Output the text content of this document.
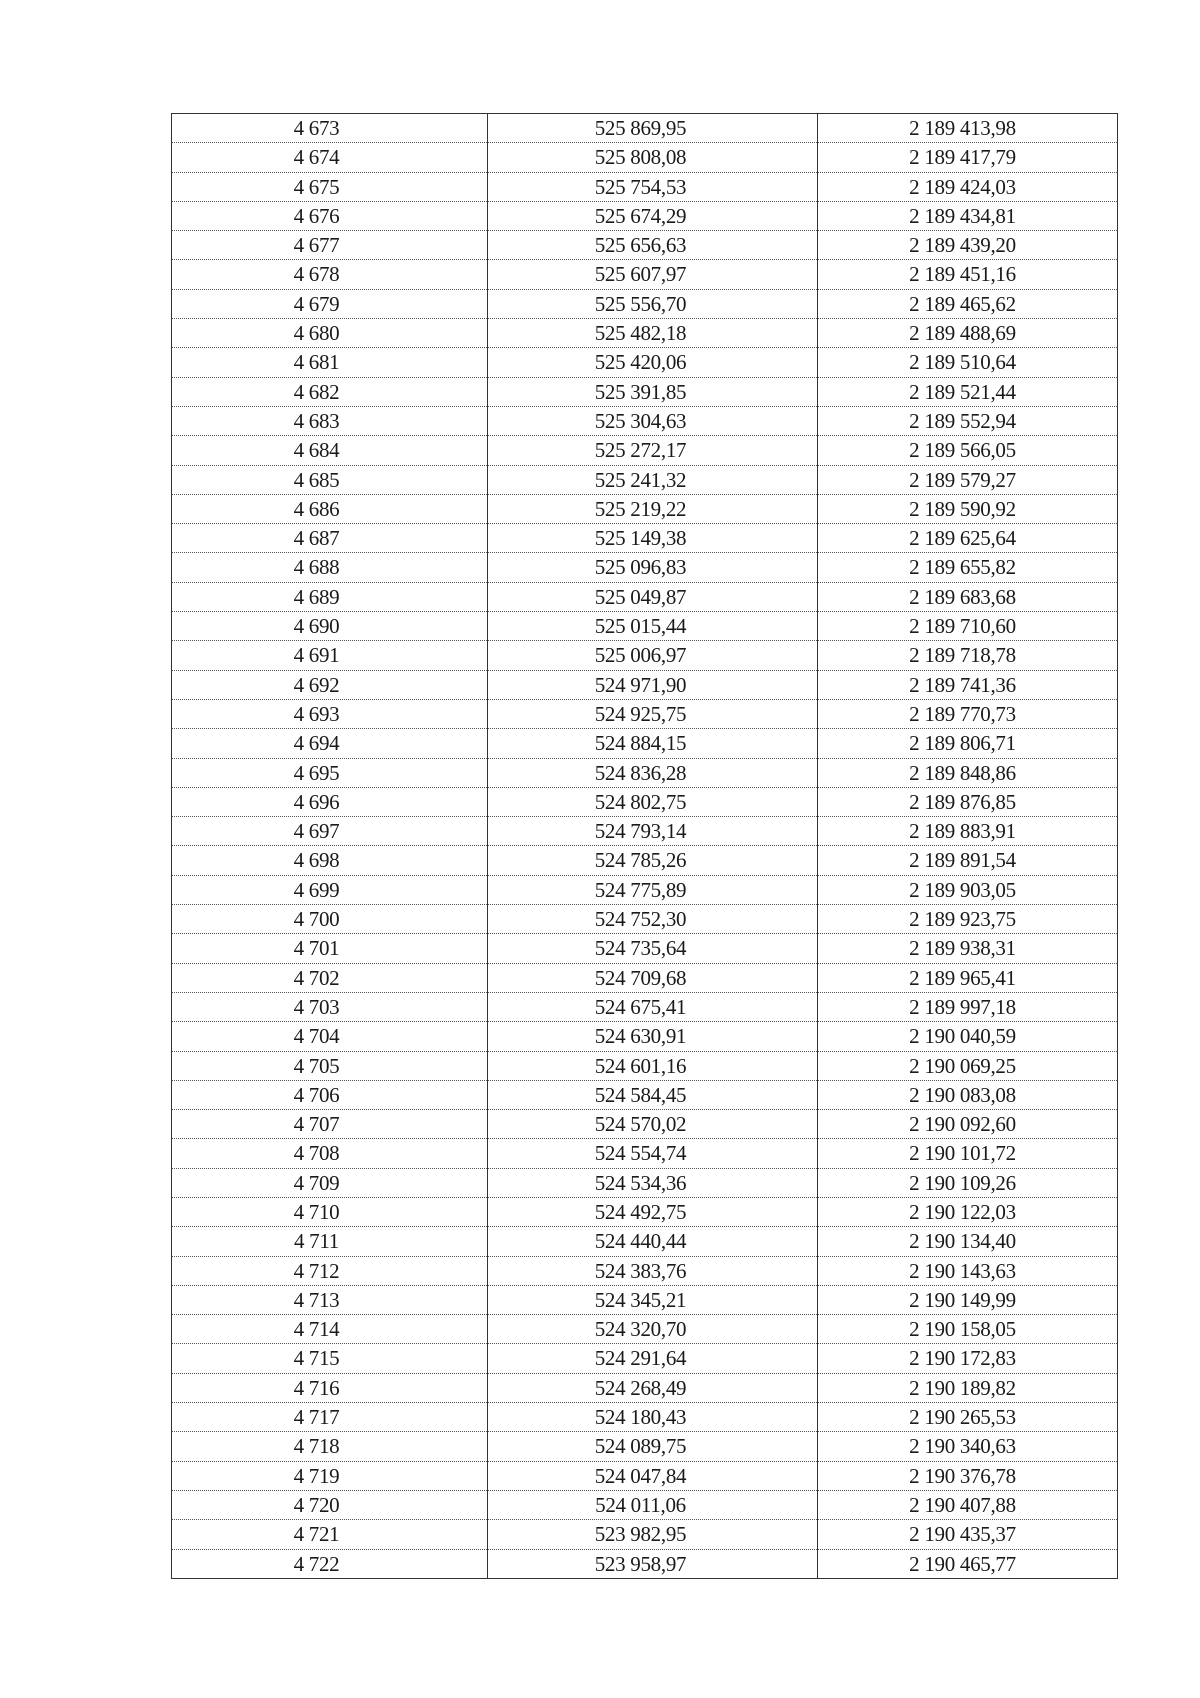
4 673	525 869,95	2 189 413,98
4 674	525 808,08	2 189 417,79
4 675	525 754,53	2 189 424,03
4 676	525 674,29	2 189 434,81
4 677	525 656,63	2 189 439,20
4 678	525 607,97	2 189 451,16
4 679	525 556,70	2 189 465,62
4 680	525 482,18	2 189 488,69
4 681	525 420,06	2 189 510,64
4 682	525 391,85	2 189 521,44
4 683	525 304,63	2 189 552,94
4 684	525 272,17	2 189 566,05
4 685	525 241,32	2 189 579,27
4 686	525 219,22	2 189 590,92
4 687	525 149,38	2 189 625,64
4 688	525 096,83	2 189 655,82
4 689	525 049,87	2 189 683,68
4 690	525 015,44	2 189 710,60
4 691	525 006,97	2 189 718,78
4 692	524 971,90	2 189 741,36
4 693	524 925,75	2 189 770,73
4 694	524 884,15	2 189 806,71
4 695	524 836,28	2 189 848,86
4 696	524 802,75	2 189 876,85
4 697	524 793,14	2 189 883,91
4 698	524 785,26	2 189 891,54
4 699	524 775,89	2 189 903,05
4 700	524 752,30	2 189 923,75
4 701	524 735,64	2 189 938,31
4 702	524 709,68	2 189 965,41
4 703	524 675,41	2 189 997,18
4 704	524 630,91	2 190 040,59
4 705	524 601,16	2 190 069,25
4 706	524 584,45	2 190 083,08
4 707	524 570,02	2 190 092,60
4 708	524 554,74	2 190 101,72
4 709	524 534,36	2 190 109,26
4 710	524 492,75	2 190 122,03
4 711	524 440,44	2 190 134,40
4 712	524 383,76	2 190 143,63
4 713	524 345,21	2 190 149,99
4 714	524 320,70	2 190 158,05
4 715	524 291,64	2 190 172,83
4 716	524 268,49	2 190 189,82
4 717	524 180,43	2 190 265,53
4 718	524 089,75	2 190 340,63
4 719	524 047,84	2 190 376,78
4 720	524 011,06	2 190 407,88
4 721	523 982,95	2 190 435,37
4 722	523 958,97	2 190 465,77
